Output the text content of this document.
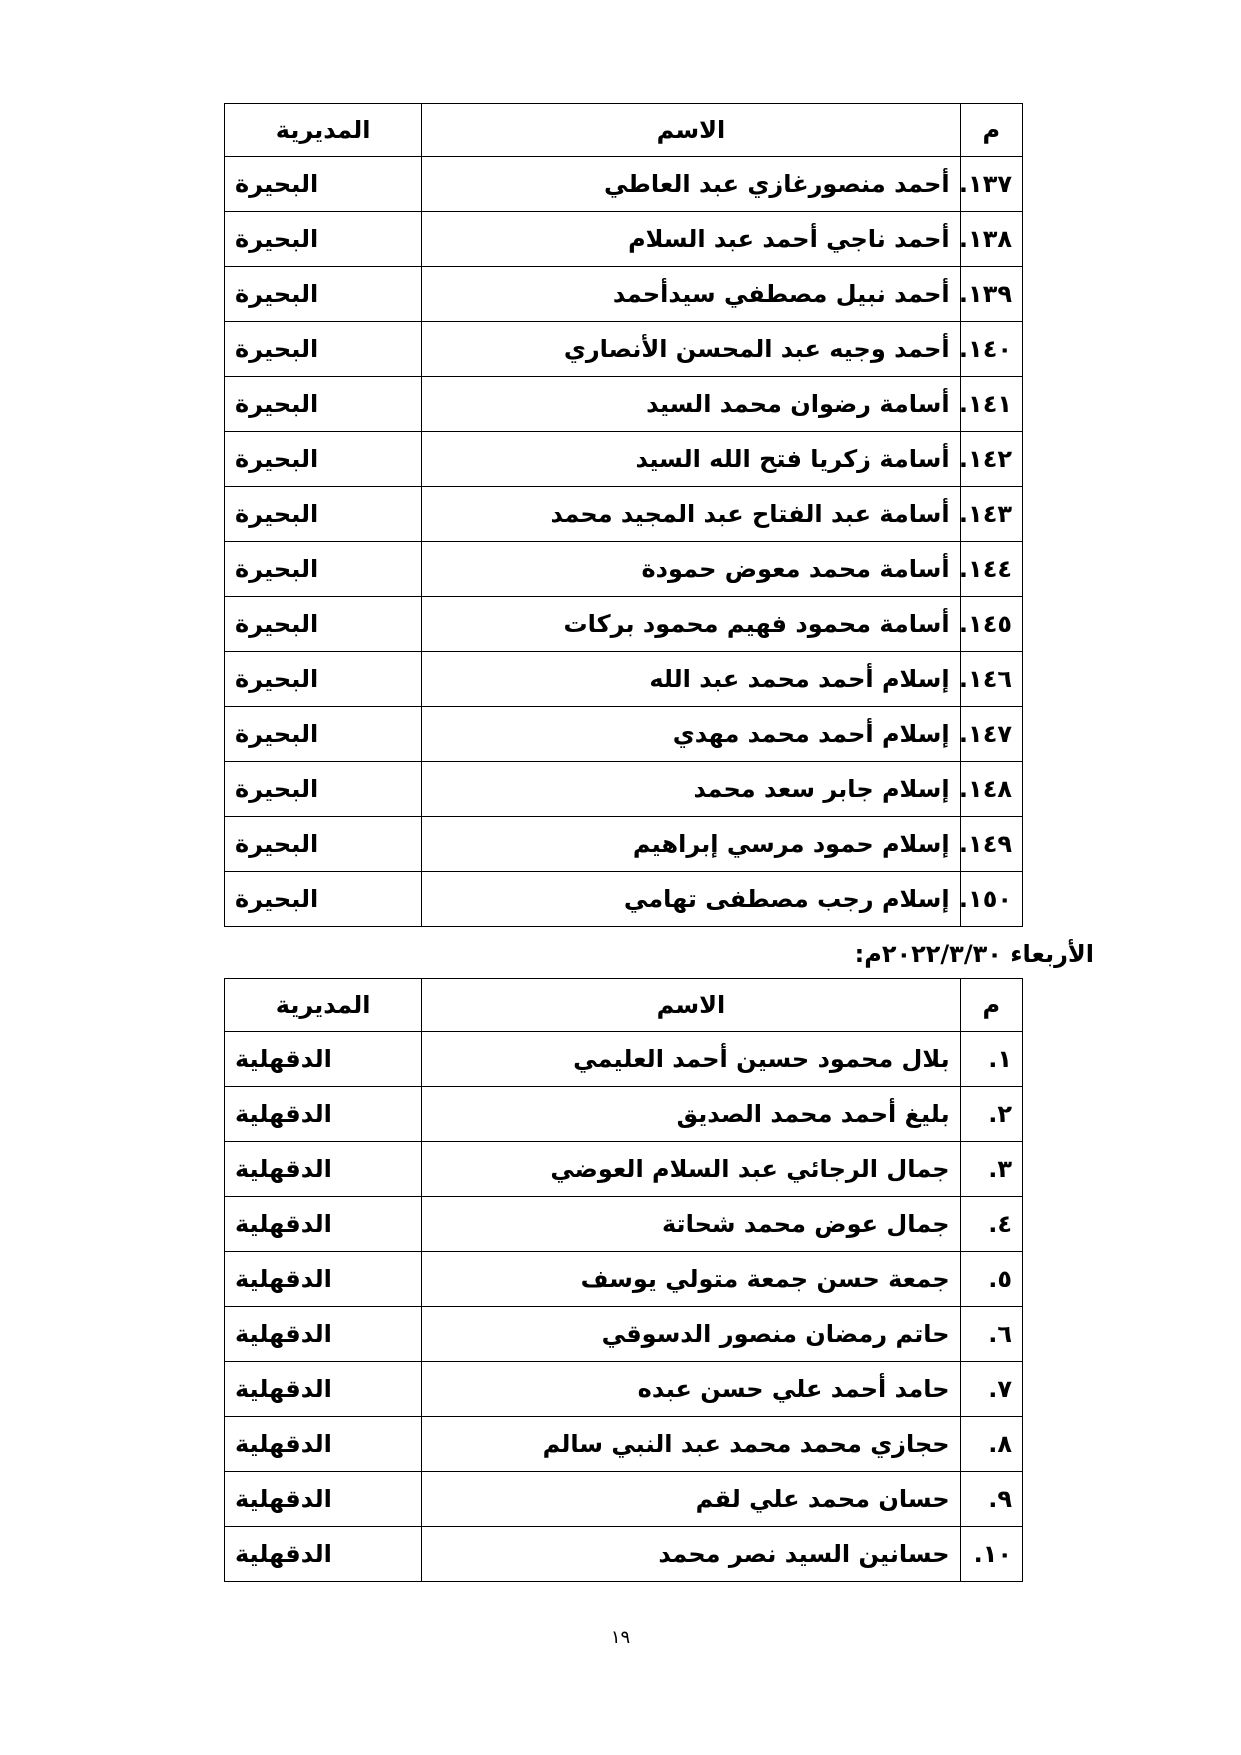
م	الاسم	المديرية
١٣٧.	أحمد منصورغازي عبد العاطي	البحيرة
١٣٨.	أحمد ناجي أحمد عبد السلام	البحيرة
١٣٩.	أحمد نبيل مصطفي سيدأحمد	البحيرة
١٤٠.	أحمد وجيه عبد المحسن الأنصاري	البحيرة
١٤١.	أسامة رضوان محمد السيد	البحيرة
١٤٢.	أسامة زكريا فتح الله السيد	البحيرة
١٤٣.	أسامة عبد الفتاح عبد المجيد محمد	البحيرة
١٤٤.	أسامة محمد معوض حمودة	البحيرة
١٤٥.	أسامة محمود فهيم محمود بركات	البحيرة
١٤٦.	إسلام أحمد محمد عبد الله	البحيرة
١٤٧.	إسلام أحمد محمد مهدي	البحيرة
١٤٨.	إسلام جابر سعد محمد	البحيرة
١٤٩.	إسلام حمود مرسي إبراهيم	البحيرة
١٥٠.	إسلام رجب مصطفى تهامي	البحيرة
الأربعاء ٢٠٢٢/٣/٣٠م:
م	الاسم	المديرية
١.	بلال محمود حسين أحمد العليمي	الدقهلية
٢.	بليغ أحمد محمد الصديق	الدقهلية
٣.	جمال الرجائي عبد السلام العوضي	الدقهلية
٤.	جمال عوض محمد شحاتة	الدقهلية
٥.	جمعة حسن جمعة متولي يوسف	الدقهلية
٦.	حاتم رمضان منصور الدسوقي	الدقهلية
٧.	حامد أحمد علي حسن عبده	الدقهلية
٨.	حجازي محمد محمد عبد النبي سالم	الدقهلية
٩.	حسان محمد علي لقم	الدقهلية
١٠.	حسانين السيد نصر محمد	الدقهلية
١٩
